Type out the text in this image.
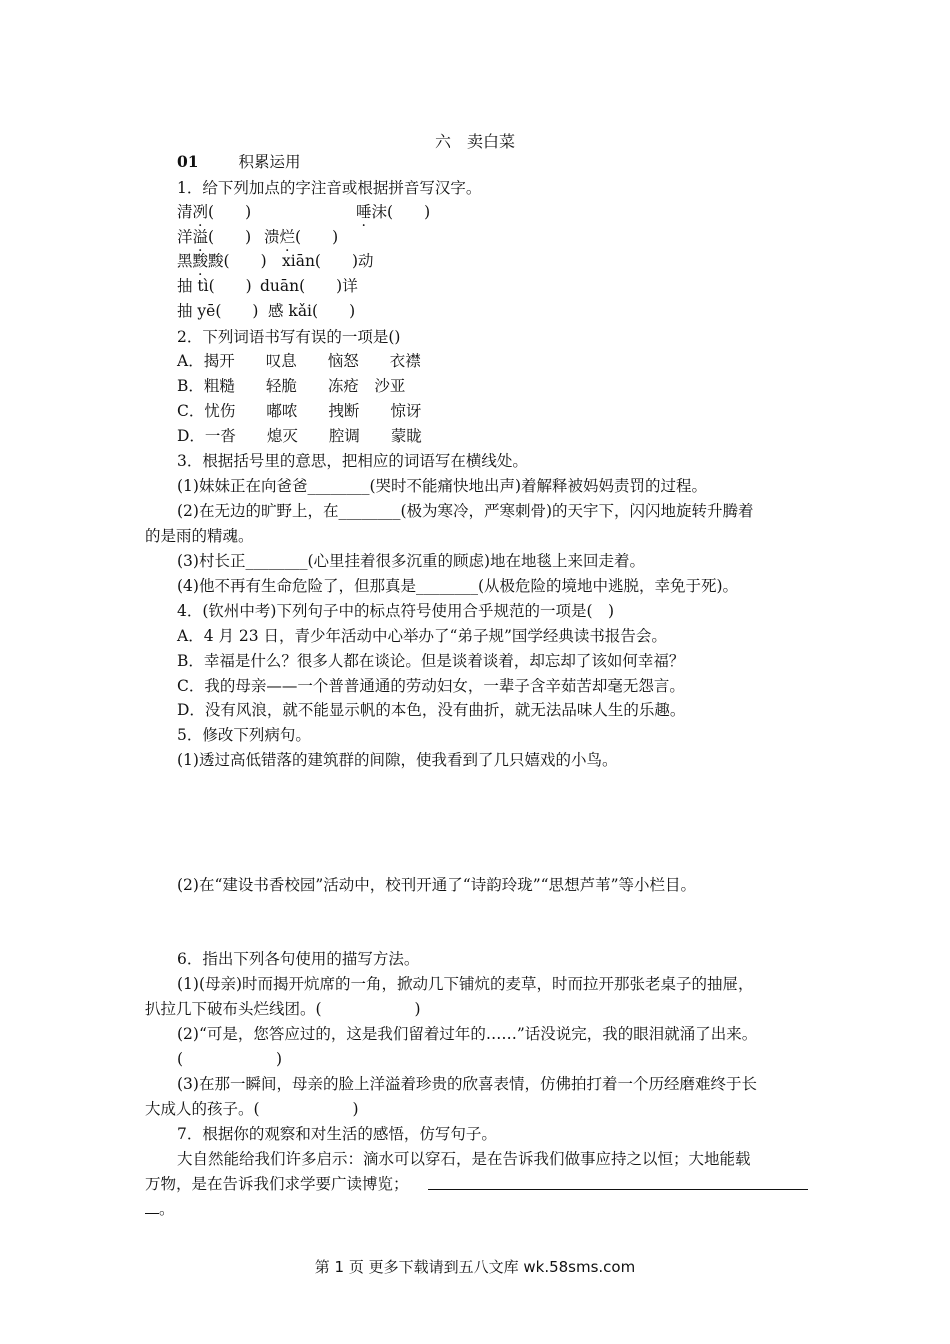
六　卖白菜
01	积累运用
1．给下列加点的字注音或根据拼音写汉字。
清冽(　　)	唾沫(　　)
洋溢(　　) 溃烂(　　)
黑黢黢(　　) xiān(　　)动
抽 tì(　　) duān(　　)详
抽 yē(　　) 感 kǎi(　　)
2．下列词语书写有误的一项是()
A．揭开　　叹息　　恼怒　　衣襟
B．粗糙　　轻脆　　冻疮　沙亚
C．忧伤　　嘟哝　　拽断　　惊讶
D．一沓　　熄灭　　腔调　　蒙眬
3．根据括号里的意思，把相应的词语写在横线处。
(1)妹妹正在向爸爸________(哭时不能痛快地出声)着解释被妈妈责罚的过程。
(2)在无边的旷野上，在________(极为寒冷，严寒刺骨)的天宇下，闪闪地旋转升腾着
的是雨的精魂。
(3)村长正________(心里挂着很多沉重的顾虑)地在地毯上来回走着。
(4)他不再有生命危险了，但那真是________(从极危险的境地中逃脱，幸免于死)。
4．(钦州中考)下列句子中的标点符号使用合乎规范的一项是(　)
A．4 月 23 日，青少年活动中心举办了“弟子规”国学经典读书报告会。
B．幸福是什么？很多人都在谈论。但是谈着谈着，却忘却了该如何幸福？
C．我的母亲——一个普普通通的劳动妇女，一辈子含辛茹苦却毫无怨言。
D．没有风浪，就不能显示帆的本色，没有曲折，就无法品味人生的乐趣。
5．修改下列病句。
(1)透过高低错落的建筑群的间隙，使我看到了几只嬉戏的小鸟。
(2)在“建设书香校园”活动中，校刊开通了“诗韵玲珑”“思想芦苇”等小栏目。
6．指出下列各句使用的描写方法。
(1)(母亲)时而揭开炕席的一角，掀动几下铺炕的麦草，时而拉开那张老桌子的抽屉，
扒拉几下破布头烂线团。(　　　　　　)
(2)“可是，您答应过的，这是我们留着过年的……”话没说完，我的眼泪就涌了出来。
(　　　　　　)
(3)在那一瞬间，母亲的脸上洋溢着珍贵的欣喜表情，仿佛拍打着一个历经磨难终于长
大成人的孩子。(　　　　　　)
7．根据你的观察和对生活的感悟，仿写句子。
大自然能给我们许多启示：滴水可以穿石，是在告诉我们做事应持之以恒；大地能载
万物，是在告诉我们求学要广读博览；
。
第 1 页 更多下载请到五八文库 wk.58sms.com
